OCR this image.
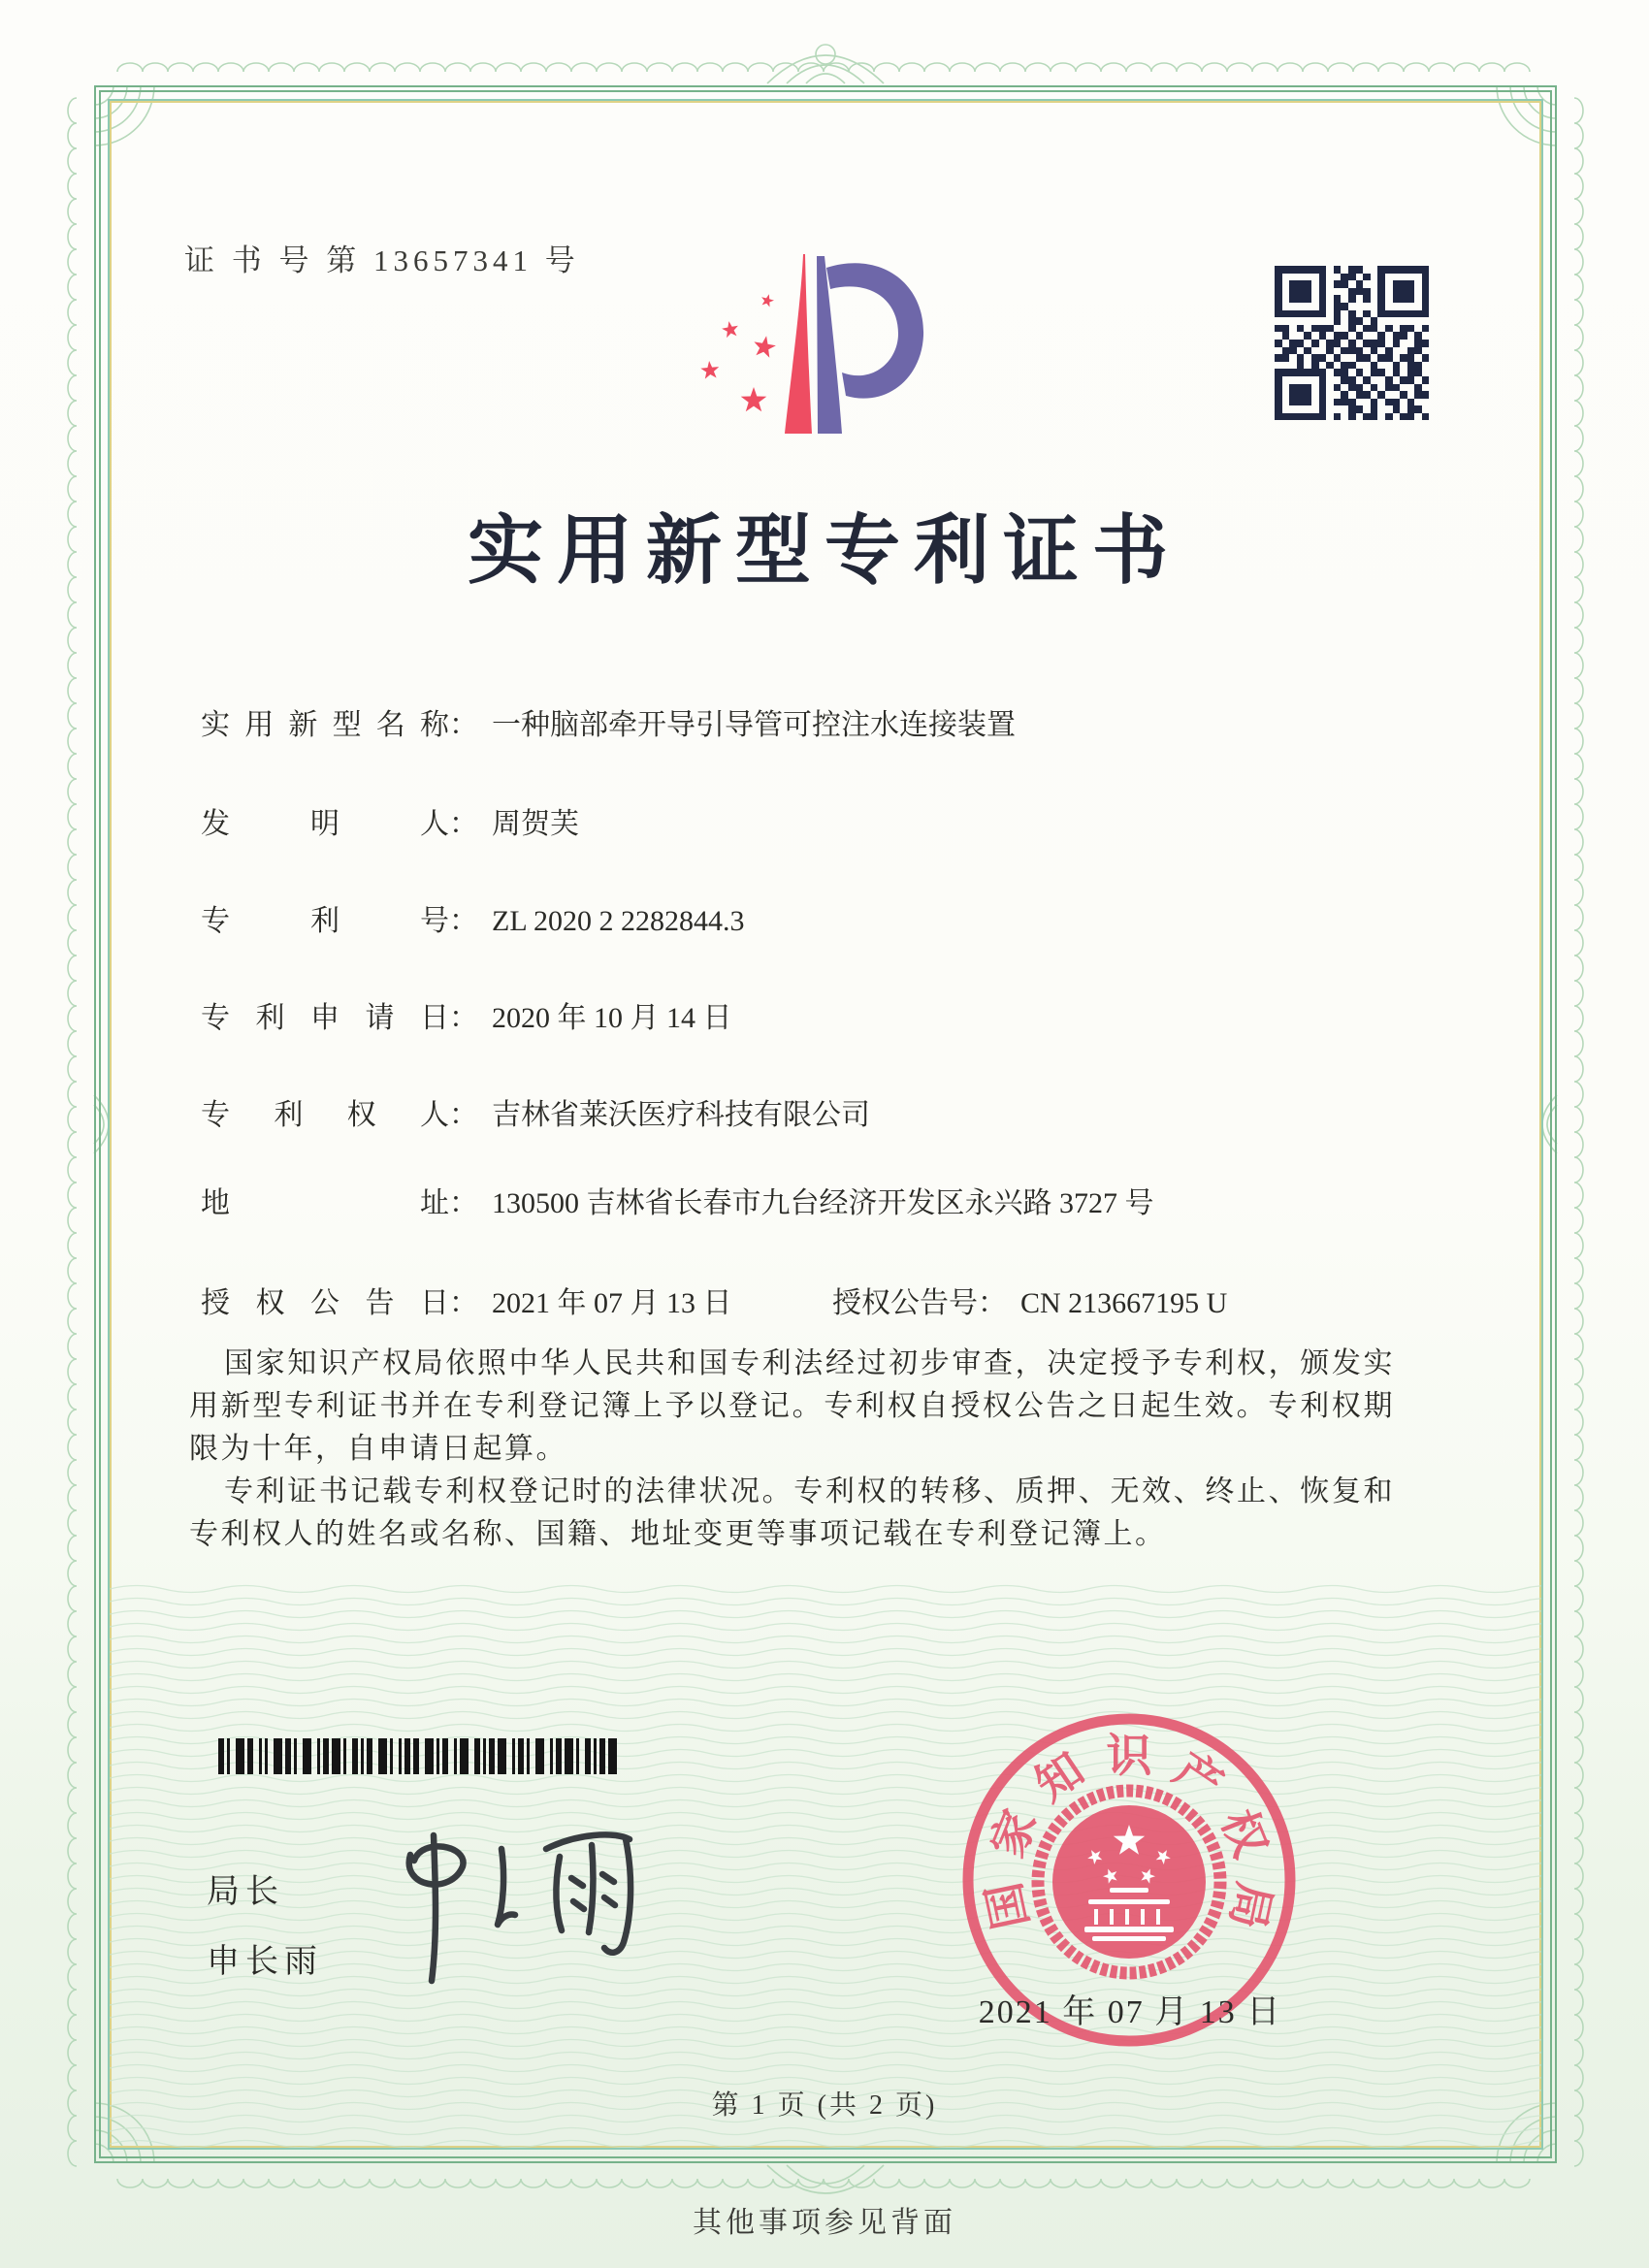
证 书 号 第 13657341 号
实用新型专利证书
实用新型名称： 一种脑部牵开导引导管可控注水连接装置
发明人： 周贺芙
专利号： ZL 2020 2 2282844.3
专利申请日： 2020 年 10 月 14 日
专利权人： 吉林省莱沃医疗科技有限公司
地址： 130500 吉林省长春市九台经济开发区永兴路 3727 号
授权公告日： 2021 年 07 月 13 日	授权公告号： CN 213667195 U

国家知识产权局依照中华人民共和国专利法经过初步审查，决定授予专利权，颁发实用新型专利证书并在专利登记簿上予以登记。专利权自授权公告之日起生效。专利权期限为十年，自申请日起算。

专利证书记载专利权登记时的法律状况。专利权的转移、质押、无效、终止、恢复和专利权人的姓名或名称、国籍、地址变更等事项记载在专利登记簿上。

局长
申长雨
国
家
知 识 产
权
局
2021 年 07 月 13 日
第 1 页 (共 2 页)
其他事项参见背面
